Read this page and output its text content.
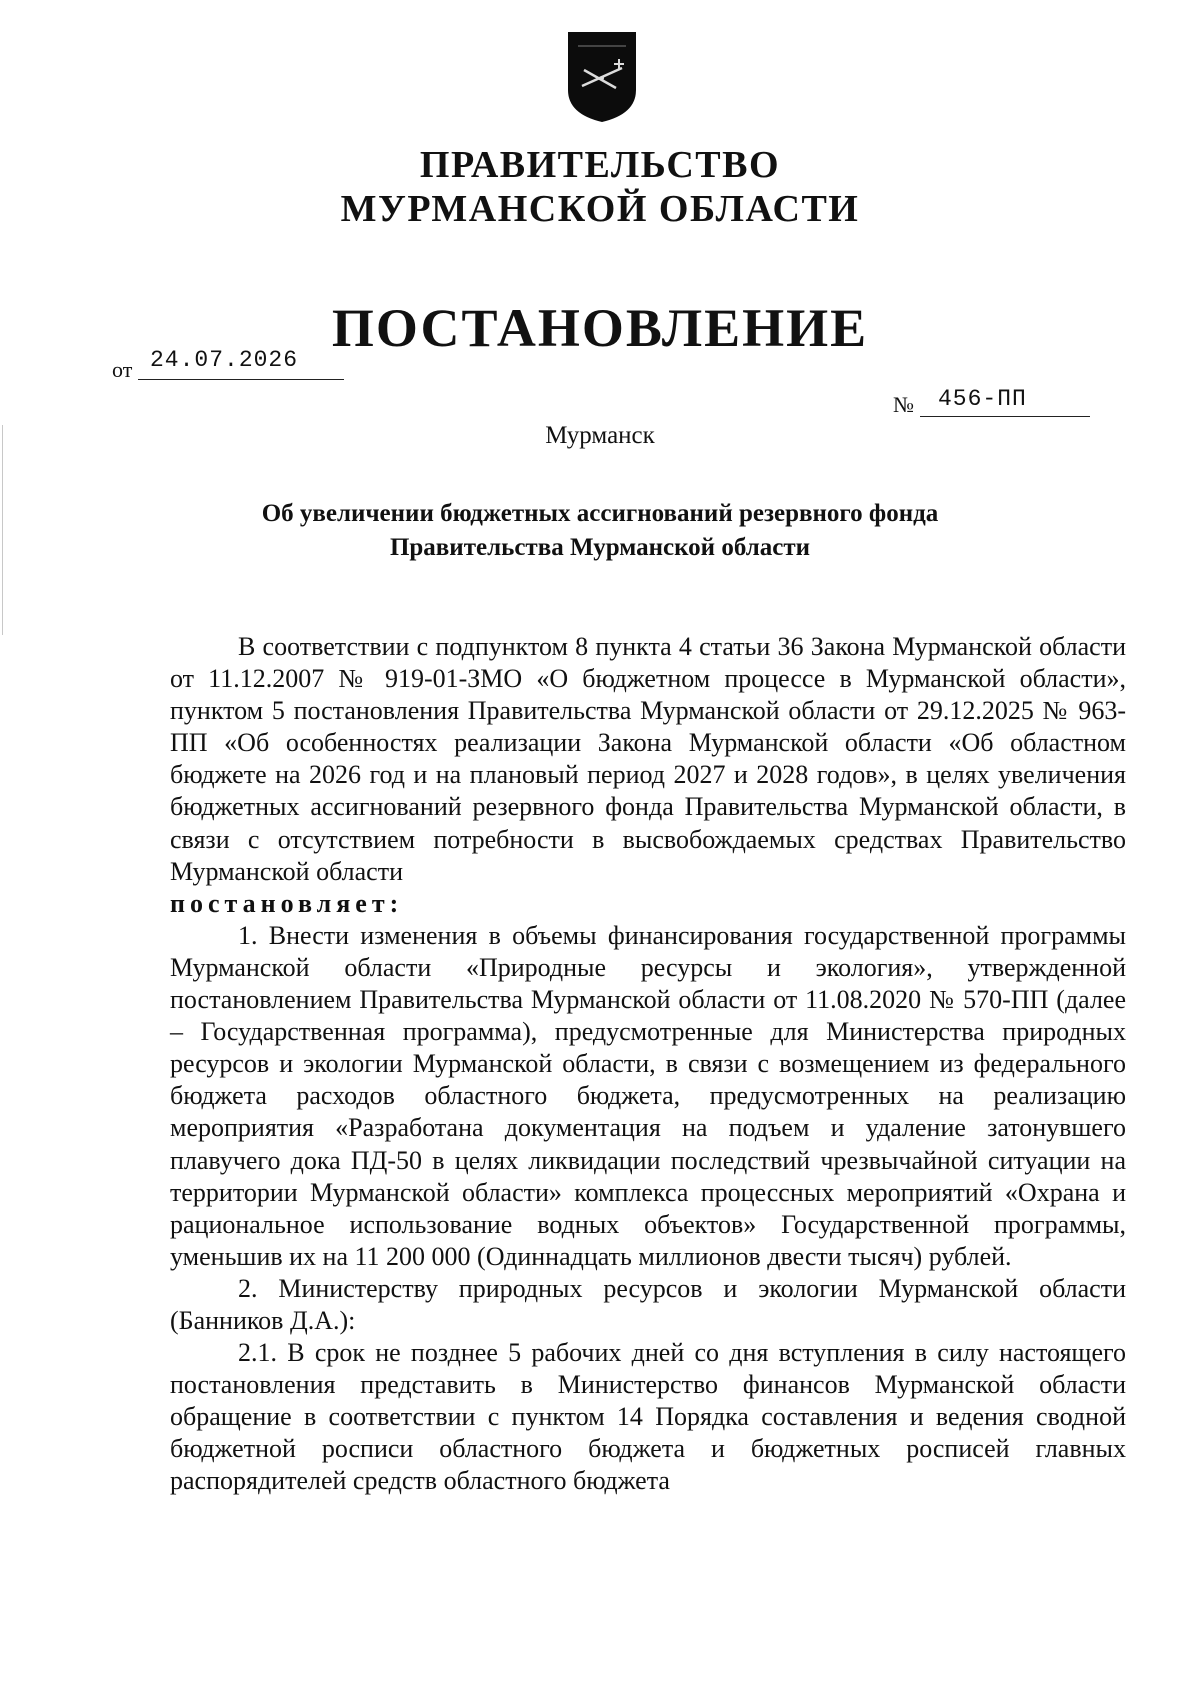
ПРАВИТЕЛЬСТВО
МУРМАНСКОЙ ОБЛАСТИ
ПОСТАНОВЛЕНИЕ
от 24.07.2026
№ 456-ПП
Мурманск
Об увеличении бюджетных ассигнований резервного фонда
Правительства Мурманской области

В соответствии с подпунктом 8 пункта 4 статьи 36 Закона Мурманской области от 11.12.2007 № 919-01-ЗМО «О бюджетном процессе в Мурманской области», пунктом 5 постановления Правительства Мурманской области от 29.12.2025 № 963-ПП «Об особенностях реализации Закона Мурманской области «Об областном бюджете на 2026 год и на плановый период 2027 и 2028 годов», в целях увеличения бюджетных ассигнований резервного фонда Правительства Мурманской области, в связи с отсутствием потребности в высвобождаемых средствах Правительство Мурманской области

постановляет:

1. Внести изменения в объемы финансирования государственной программы Мурманской области «Природные ресурсы и экология», утвержденной постановлением Правительства Мурманской области от 11.08.2020 № 570-ПП (далее – Государственная программа), предусмотренные для Министерства природных ресурсов и экологии Мурманской области, в связи с возмещением из федерального бюджета расходов областного бюджета, предусмотренных на реализацию мероприятия «Разработана документация на подъем и удаление затонувшего плавучего дока ПД-50 в целях ликвидации последствий чрезвычайной ситуации на территории Мурманской области» комплекса процессных мероприятий «Охрана и рациональное использование водных объектов» Государственной программы, уменьшив их на 11 200 000 (Одиннадцать миллионов двести тысяч) рублей.

2. Министерству природных ресурсов и экологии Мурманской области (Банников Д.А.):

2.1. В срок не позднее 5 рабочих дней со дня вступления в силу настоящего постановления представить в Министерство финансов Мурманской области обращение в соответствии с пунктом 14 Порядка составления и ведения сводной бюджетной росписи областного бюджета и бюджетных росписей главных распорядителей средств областного бюджета
